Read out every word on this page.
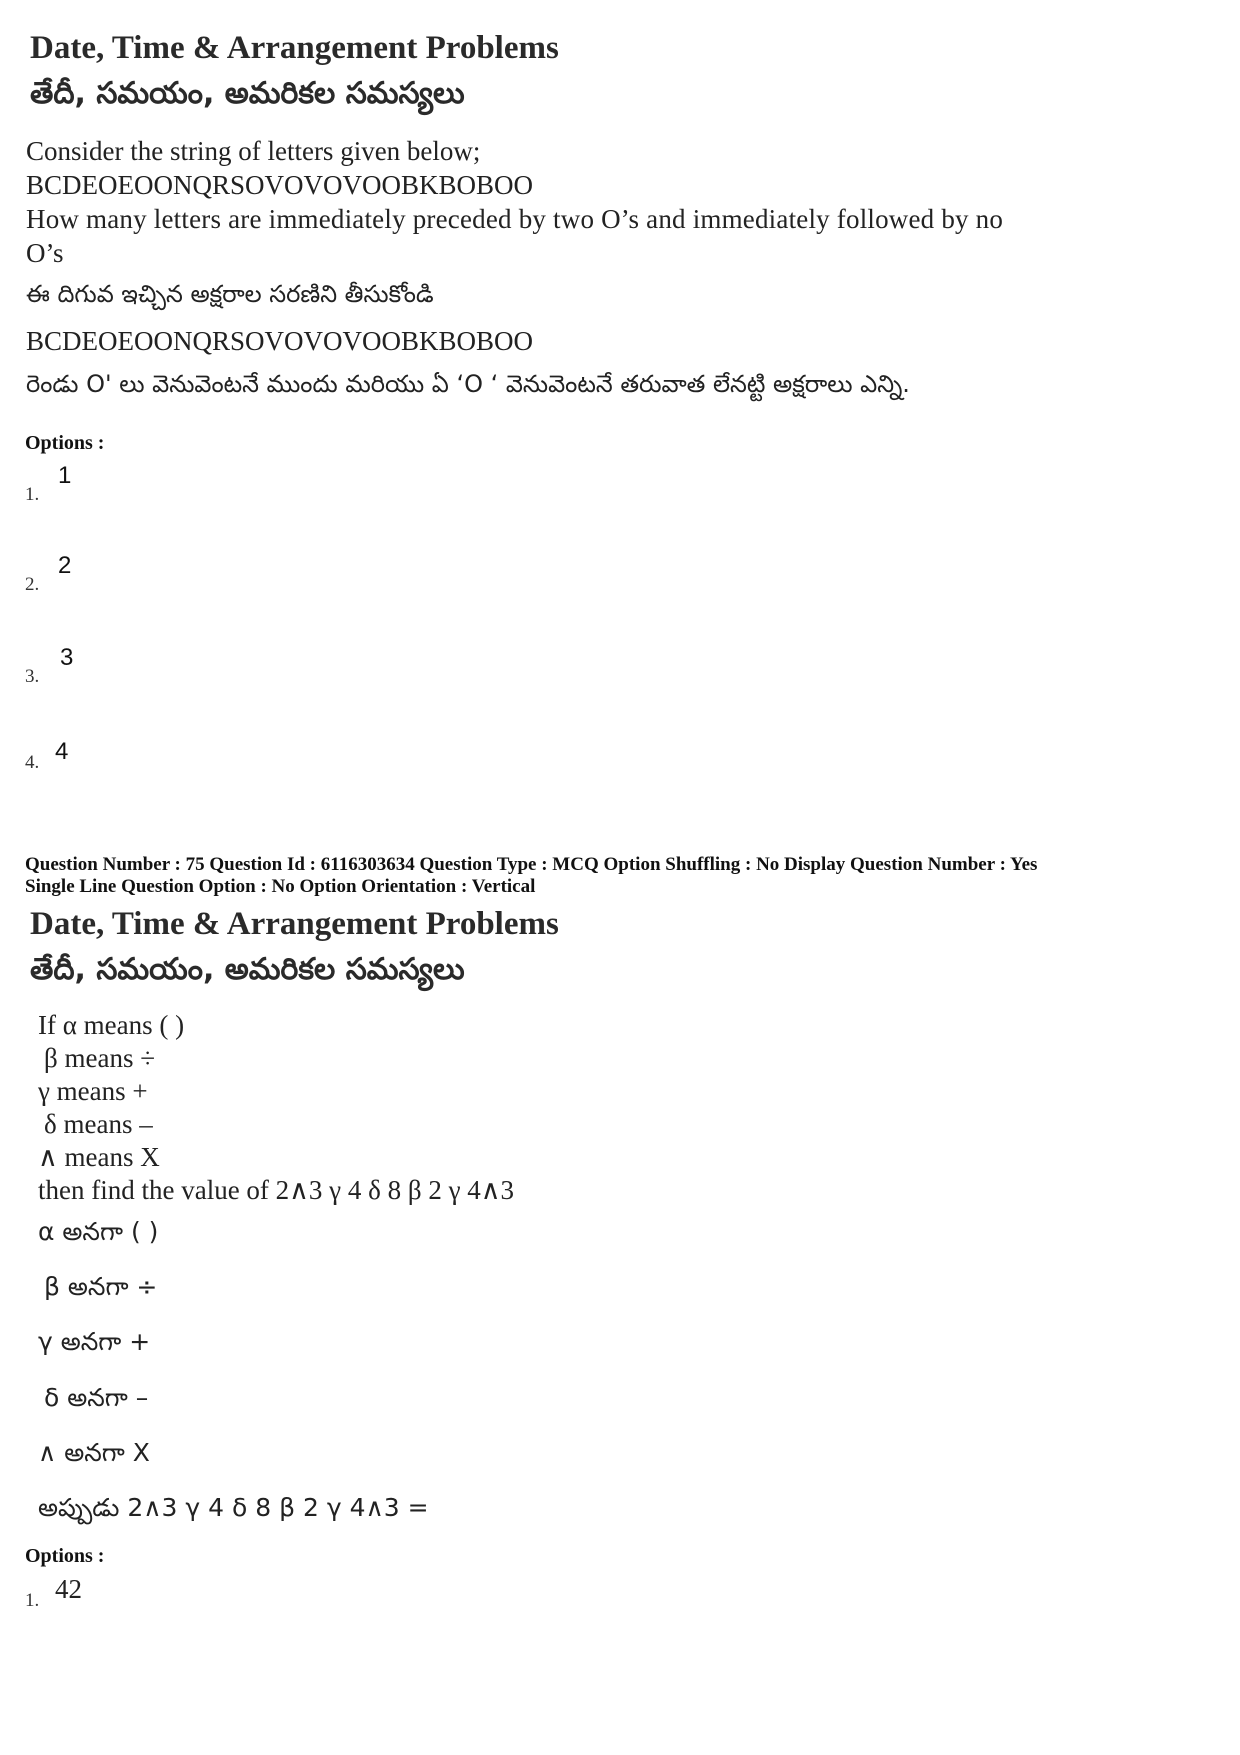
Date, Time & Arrangement Problems
తేదీ, సమయం, అమరికల సమస్యలు
Consider the string of letters given below;
BCDEOEOONQRSOVOVOVOOBKBOBOO
How many letters are immediately preceded by two O’s and immediately followed by no
O’s
ఈ దిగువ ఇచ్చిన అక్షరాల సరణిని తీసుకోండి
BCDEOEOONQRSOVOVOVOOBKBOBOO
రెండు O' లు వెనువెంటనే ముందు మరియు ఏ ‘O ‘ వెనువెంటనే తరువాత లేనట్టి అక్షరాలు ఎన్ని.
Options :
1.
1
2.
2
3.
3
4. 4
Question Number : 75 Question Id : 6116303634 Question Type : MCQ Option Shuffling : No Display Question Number : Yes
Single Line Question Option : No Option Orientation : Vertical
Date, Time & Arrangement Problems
తేదీ, సమయం, అమరికల సమస్యలు
If α means ( )
β means ÷
γ means +
δ means –
∧ means X
then find the value of 2∧3 γ 4 δ 8 β 2 γ 4∧3
α అనగా ( )
β అనగా ÷
γ అనగా +
δ అనగా –
∧ అనగా X
అప్పుడు 2∧3 γ 4 δ 8 β 2 γ 4∧3 =
Options :
1. 42
